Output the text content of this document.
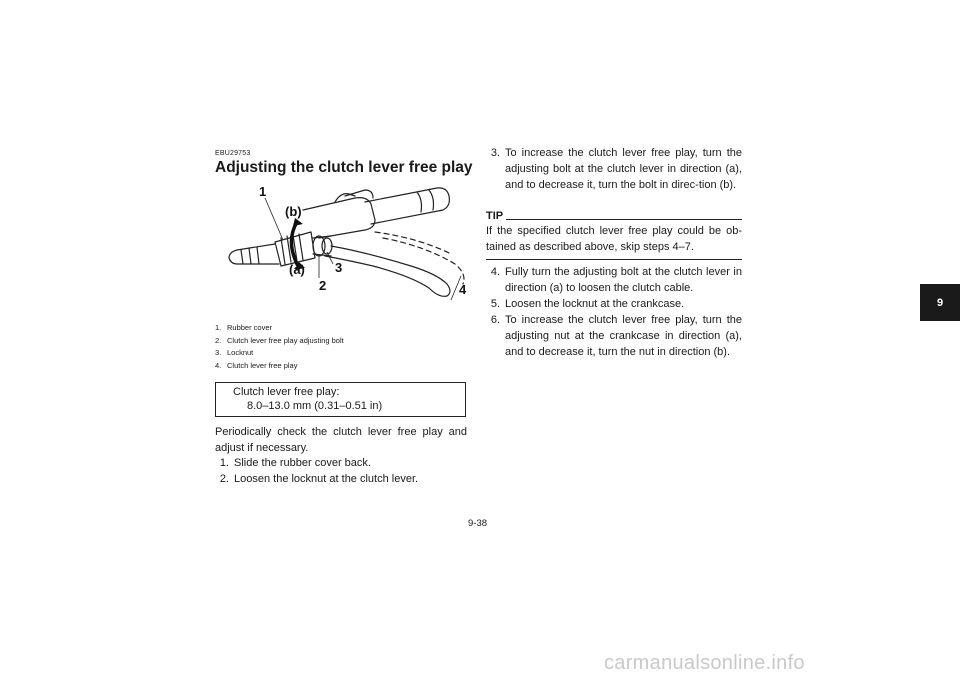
EBU29753
Adjusting the clutch lever free play
1
(b)
(a) 3
2	4
1. Rubber cover
2. Clutch lever free play adjusting bolt
3. Locknut
4. Clutch lever free play
Clutch lever free play:
8.0–13.0 mm (0.31–0.51 in)

Periodically check the clutch lever free play and adjust if necessary.

1. Slide the rubber cover back.
2. Loosen the locknut at the clutch lever.
3. To increase the clutch lever free play, turn the adjusting bolt at the clutch lever in direction (a), and to decrease it, turn the bolt in direc-tion (b).
TIP
If the specified clutch lever free play could be ob-tained as described above, skip steps 4–7.
4. Fully turn the adjusting bolt at the clutch lever in direction (a) to loosen the clutch cable.
5. Loosen the locknut at the crankcase.
6. To increase the clutch lever free play, turn the adjusting nut at the crankcase in direction (a), and to decrease it, turn the nut in direction (b).
9
9-38
carmanualsonline.info
